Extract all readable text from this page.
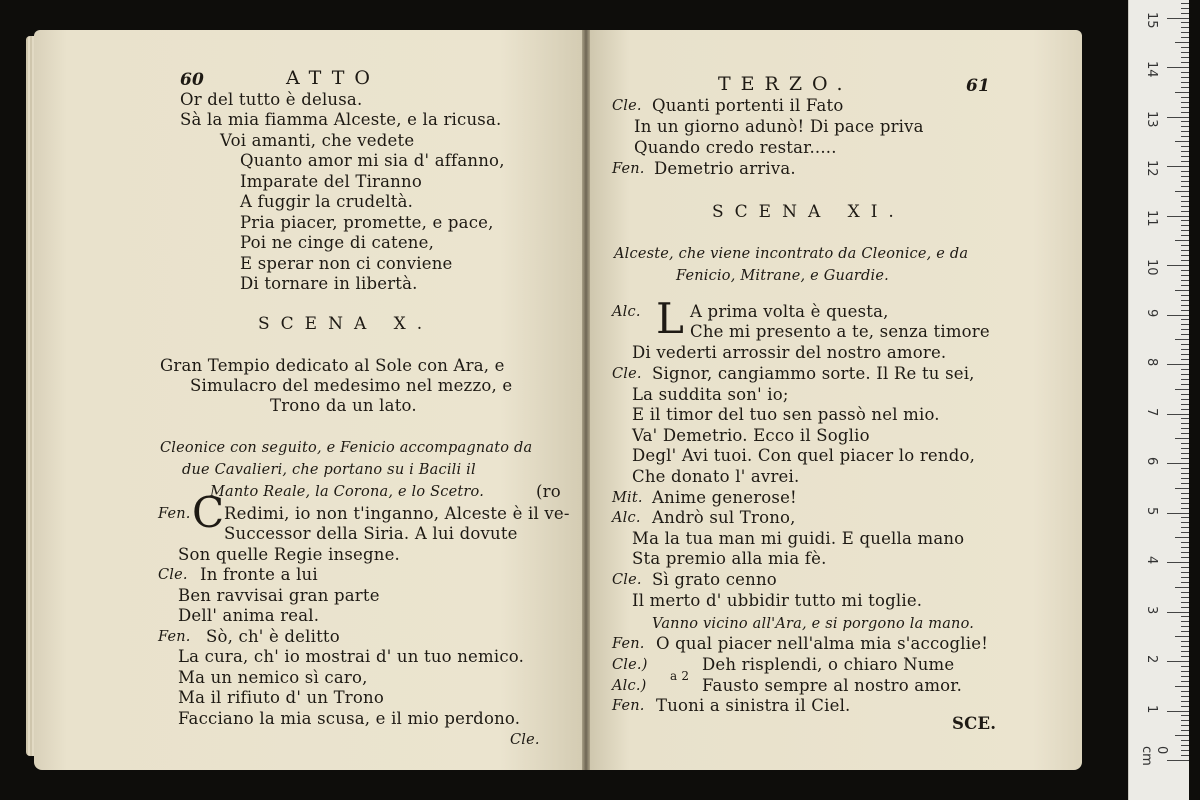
60	ATTO
Or del tutto è delusa.
Sà la mia fiamma Alceste, e la ricusa.
Voi amanti, che vedete
Quanto amor mi sia d' affanno,
Imparate del Tiranno
A fuggir la crudeltà.
Pria piacer, promette, e pace,
Poi ne cinge di catene,
E sperar non ci conviene
Di tornare in libertà.
SCENA X.
Gran Tempio dedicato al Sole con Ara, e
Simulacro del medesimo nel mezzo, e
Trono da un lato.
Cleonice con seguito, e Fenicio accompagnato da
due Cavalieri, che portano su i Bacili il
Manto Reale, la Corona, e lo Scetro.	(ro
Fen. C Redimi, io non t'inganno, Alceste è il ve-
Successor della Siria. A lui dovute
Son quelle Regie insegne.
Cle. In fronte a lui
Ben ravvisai gran parte
Dell' anima real.
Fen. Sò, ch' è delitto
La cura, ch' io mostrai d' un tuo nemico.
Ma un nemico sì caro,
Ma il rifiuto d' un Trono
Facciano la mia scusa, e il mio perdono.
Cle.
TERZO.	61
Cle. Quanti portenti il Fato
In un giorno adunò! Di pace priva
Quando credo restar.....
Fen. Demetrio arriva.
SCENA XI.
Alceste, che viene incontrato da Cleonice, e da
Fenicio, Mitrane, e Guardie.
Alc. L A prima volta è questa,
Che mi presento a te, senza timore
Di vederti arrossir del nostro amore.
Cle. Signor, cangiammo sorte. Il Re tu sei,
La suddita son' io;
E il timor del tuo sen passò nel mio.
Va' Demetrio. Ecco il Soglio
Degl' Avi tuoi. Con quel piacer lo rendo,
Che donato l' avrei.
Mit. Anime generose!
Alc. Andrò sul Trono,
Ma la tua man mi guidi. E quella mano
Sta premio alla mia fè.
Cle. Sì grato cenno
Il merto d' ubbidir tutto mi toglie.
Vanno vicino all'Ara, e si porgono la mano.
Fen. O qual piacer nell'alma mia s'accoglie!
Cle.)	Deh risplendi, o chiaro Nume
a 2
Alc.)	Fausto sempre al nostro amor.
Fen. Tuoni a sinistra il Ciel.
SCE.
0 cm
1
2
3
4
5
6
7
8
9
10
11
12
13
14
15
